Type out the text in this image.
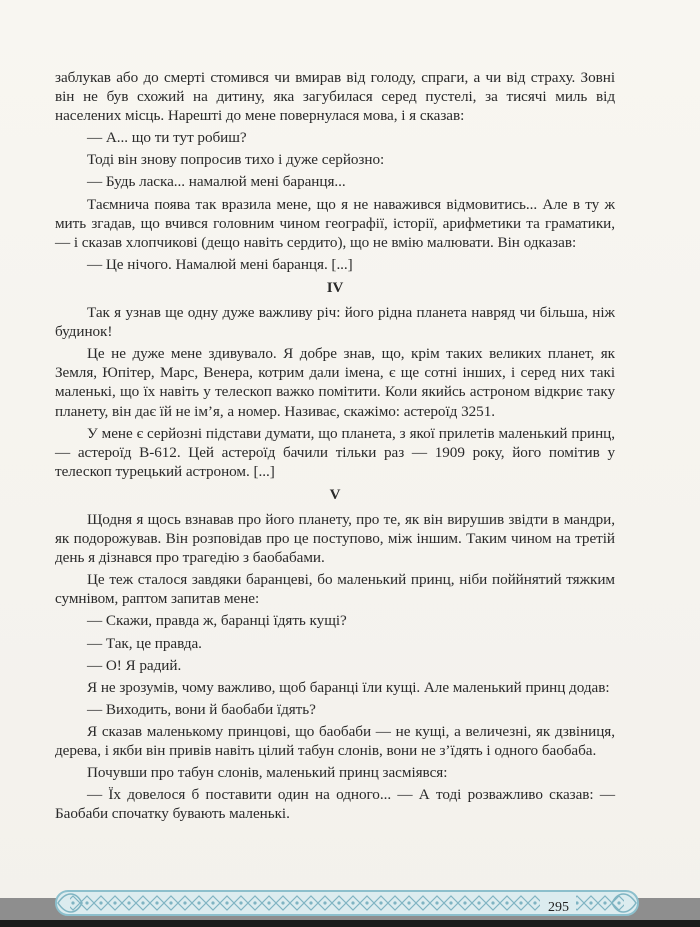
заблукав або до смерті стомився чи вмирав від голоду, спраги, а чи від страху. Зовні він не був схожий на дитину, яка загубилася серед пустелі, за тисячі миль від населених місць. Нарешті до мене повернулася мова, і я сказав:

— А... що ти тут робиш?

Тоді він знову попросив тихо і дуже серйозно:

— Будь ласка... намалюй мені баранця...

Таємнича поява так вразила мене, що я не наважився відмовитись... Але в ту ж мить згадав, що вчився головним чином географії, історії, арифметики та граматики, — і сказав хлопчикові (дещо навіть сердито), що не вмію малювати. Він одказав:

— Це нічого. Намалюй мені баранця. [...]

IV

Так я узнав ще одну дуже важливу річ: його рідна планета навряд чи більша, ніж будинок!

Це не дуже мене здивувало. Я добре знав, що, крім таких великих планет, як Земля, Юпітер, Марс, Венера, котрим дали імена, є ще сотні інших, і серед них такі маленькі, що їх навіть у телескоп важко помітити. Коли якийсь астроном відкриє таку планету, він дає їй не ім’я, а номер. Називає, скажімо: астероїд 3251.

У мене є серйозні підстави думати, що планета, з якої прилетів маленький принц, — астероїд В-612. Цей астероїд бачили тільки раз — 1909 року, його помітив у телескоп турецький астроном. [...]

V

Щодня я щось взнавав про його планету, про те, як він вирушив звідти в мандри, як подорожував. Він розповідав про це поступово, між іншим. Таким чином на третій день я дізнався про трагедію з баобабами.

Це теж сталося завдяки баранцеві, бо маленький принц, ніби поййнятий тяжким сумнівом, раптом запитав мене:

— Скажи, правда ж, баранці їдять кущі?

— Так, це правда.

— О! Я радий.

Я не зрозумів, чому важливо, щоб баранці їли кущі. Але маленький принц додав:

— Виходить, вони й баобаби їдять?

Я сказав маленькому принцові, що баобаби — не кущі, а величезні, як дзвіниця, дерева, і якби він привів навіть цілий табун слонів, вони не з’їдять і одного баобаба.

Почувши про табун слонів, маленький принц засміявся:

— Їх довелося б поставити один на одного... — А тоді розважливо сказав: — Баобаби спочатку бувають маленькі.

295
